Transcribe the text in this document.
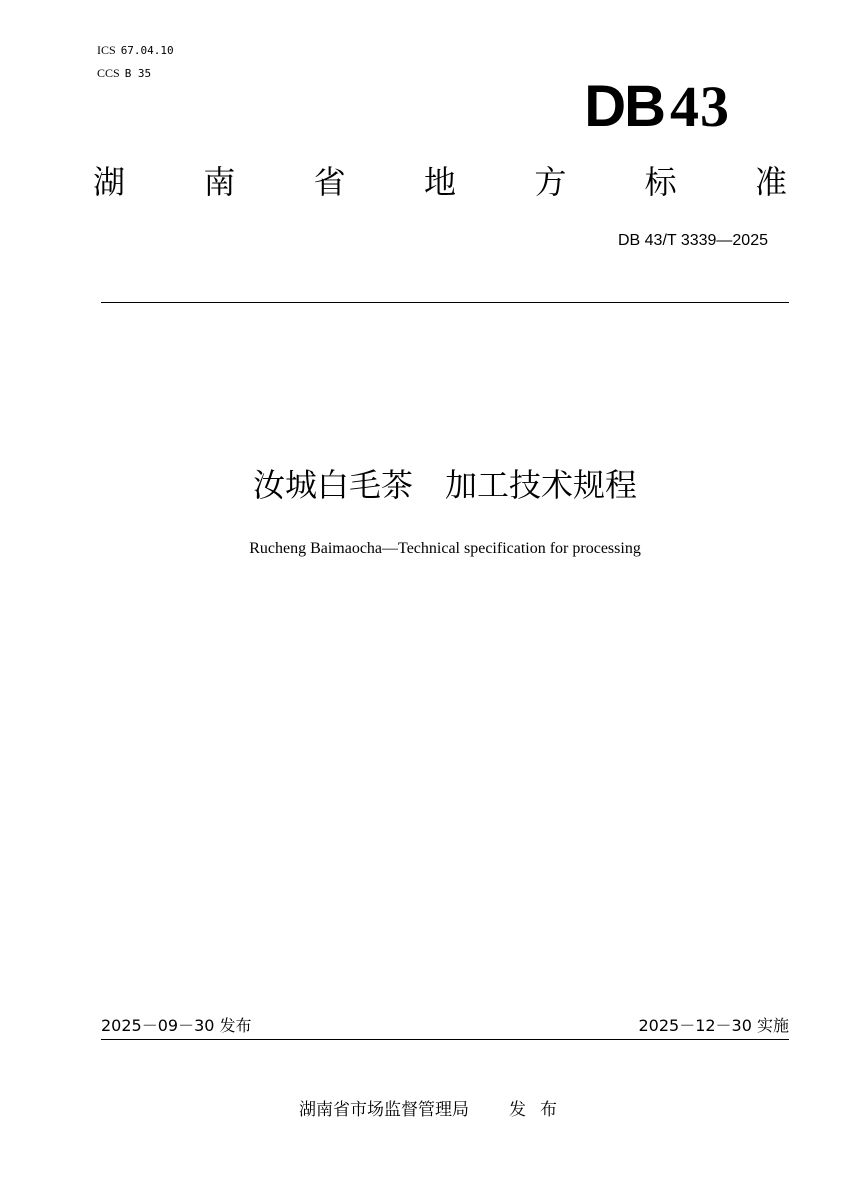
ICS 67.04.10
CCS B 35
DB 43
湖 南 省 地 方 标 准
DB 43/T 3339—2025
汝城白毛茶　加工技术规程
Rucheng Baimaocha—Technical specification for processing
2025－09－30 发布	2025－12－30 实施
湖南省市场监督管理局 发布
